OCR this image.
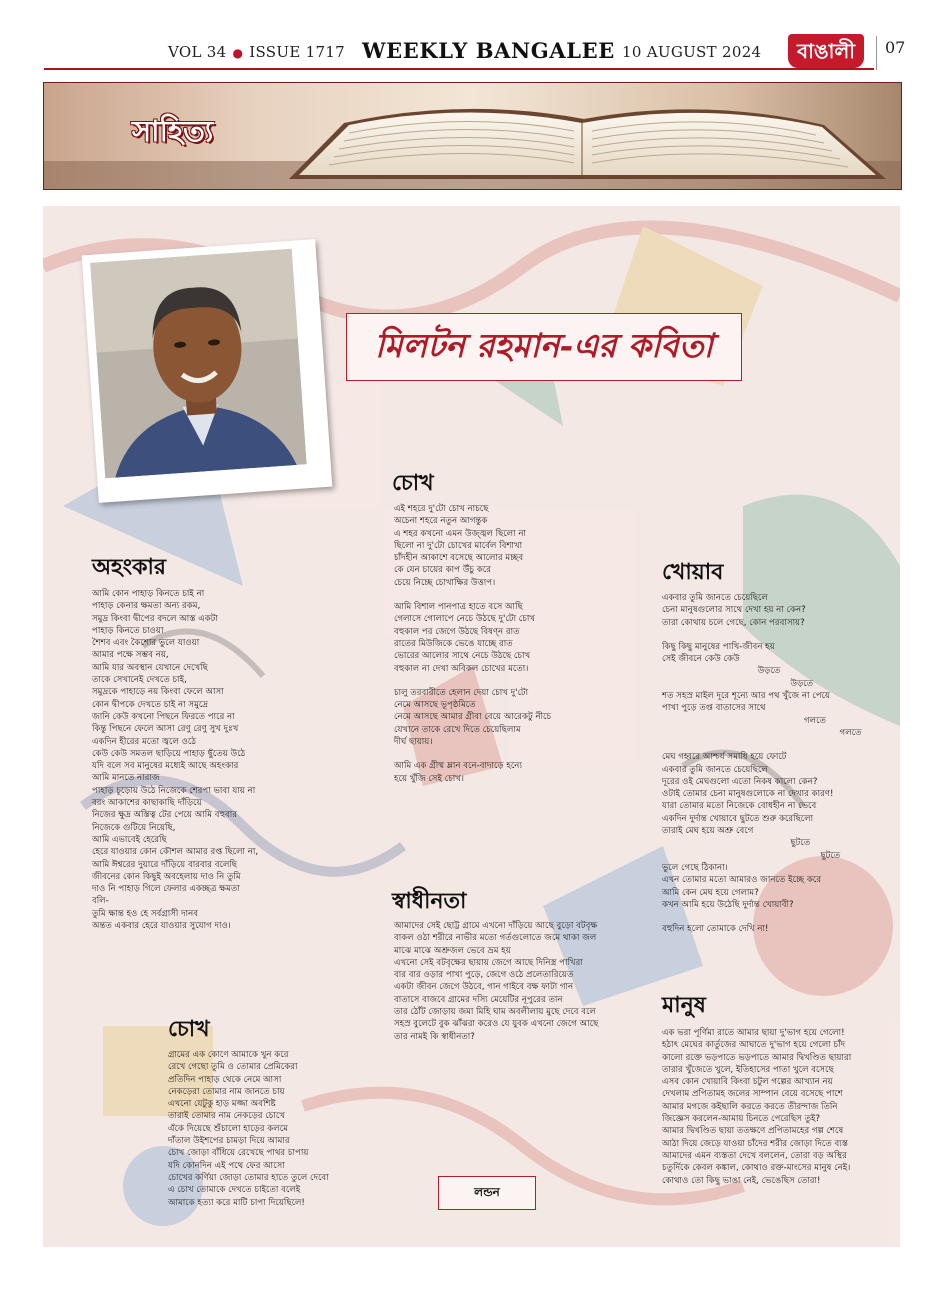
VOL 34 ● ISSUE 1717 WEEKLY BANGALEE 10 AUGUST 2024	বাঙালী	07
সাহিত্য
মিলটন রহমান-এর কবিতা
অহংকার
আমি কোন পাহাড় কিনতে চাই না
পাহাড় কেনার ক্ষমতা অন্য রকম,
সমুদ্র কিংবা দ্বীপের বদলে আস্ত একটা
পাহাড় কিনতে চাওয়া
শৈশব এবং কৈশোর ভুলে যাওয়া
আমার পক্ষে সম্ভব নয়,
আমি যার অবস্থান যেখানে দেখেছি
তাকে সেখানেই দেখতে চাই,
সমুদ্রকে পাহাড়ে নয় কিংবা ফেলে আসা
কোন দ্বীপকে দেখতে চাই না সমুদ্রে
জানি কেউ কখনো পিছনে ফিরতে পারে না
কিন্তু পিছনে ফেলে আসা রেণু রেণু সুখ দুঃখ
একদিন হীরের মতো জ্বলে ওঠে
কেউ কেউ সমতল ছাড়িয়ে পাহাড় ছুঁতেয় উঠে
যদি বলে সব মানুষের মধ্যেই আছে অহংকার
আমি মানতে নারাজ
পাহাড় চূড়োয় উঠে নিজেকে শেরপা ভাবা যায় না
বরং আকাশের কাছাকাছি দাঁড়িয়ে
নিজের ক্ষুদ্র অস্তিত্ব টের পেয়ে আমি বহুবার
নিজেকে গুটিয়ে নিয়েছি,
আমি এভাবেই হেরেছি
হেরে যাওয়ার কোন কৌশল আমার রপ্ত ছিলো না,
আমি ঈশ্বরের দুয়ারে দাঁড়িয়ে বারবার বলেছি
জীবনের কোন কিছুই অবহেলায় দাও নি তুমি
দাও নি পাহাড় গিলে ফেলার একচ্ছত্র ক্ষমতা
বলি-
তুমি ক্ষান্ত হও হে সর্বগ্রাসী দানব
অন্তত একবার হেরে যাওয়ার সুযোগ দাও।
চোখ
এই শহরে দু'টো চোখ নাচছে
অচেনা শহরে নতুন আগন্তুক
এ শহর কখনো এমন উজ্জ্বল ছিলো না
ছিলো না দু'টো চোখের মার্বেল বিশাখা
চাঁদহীন আকাশে বসেছে আলোর মচ্ছব
কে যেন চায়ের কাপ উঁচু করে
চেয়ে নিচ্ছে চোখাক্ষির উত্তাপ।
আমি বিশাল পানপাত্র হাতে বসে আছি
গেলাসে গোলাপে নেচে উঠছে দু'টো চোখ
বহুকাল পর জেগে উঠছে বিষণ্ন রাত
রাতের মিউজিকে ভেঙে যাচ্ছে রাত
ভোরের আলোর সাথে নেচে উঠছে চোখ
বহুকাল না দেখা অবিকল চোখের মতো।
চালু তরবারীতে হেলান দেয়া চোখ দু'টো
নেমে আসছে ভূপৃষ্ঠমিতে
নেমে আসছে আমার গ্রীবা বেয়ে আরেকটু নীচে
যেখানে তাকে রেখে দিতে চেয়েছিলাম
দীর্ঘ ছায়ায়।
আমি এক গ্রীষ্ম ম্লান বনে-বাদাড়ে হন্যে
হয়ে খুঁজি সেই চোখ।
খোয়াব
একবার তুমি জানতে চেয়েছিলে
চেনা মানুষগুলোর সাথে দেখা হয় না কেন?
তারা কোথায় চলে গেছে, কোন পরবাসায়?
কিছু কিছু মানুষের পাখি-জীবন হয়
সেই জীবনে কেউ কেউ
উড়তে
উড়তে
শত সহস্র মাইল দূরে শূন্যে আর পথ খুঁজে না পেয়ে
পাখা পুড়ে তপ্ত বাতাসের সাথে
গলতে
গলতে
মেঘ গহ্বরে আশ্চর্য সমাধি হয়ে ফোটে
একবার তুমি জানতে চেয়েছিলে
দূরের ওই মেঘগুলো এতো নিকষ কালো কেন?
ওটাই তোমার চেনা মানুষগুলোকে না দেখার কারণ!
যারা তোমার মতো নিজেকে বোধহীন না ভেবে
একদিন দুর্দান্ত খোয়াবে ছুটতে শুরু করেছিলো
তারাই মেঘ হয়ে অশ্রু বেগে
ছুটতে
ছুটতে
ভুলে গেছে ঠিকানা।
এখন তোমার মতো আমারও জানতে ইচ্ছে করে
আমি কেন মেঘ হয়ে গেলাম?
কখন আমি হয়ে উঠেছি দুর্দান্ত খোয়াবী?
বহুদিন হলো তোমাকে দেখি না!
স্বাধীনতা
আমাদের সেই ছোট্ট গ্রামে এখনো দাঁড়িয়ে আছে বুড়ো বটবৃক্ষ
বাকল ওঠা শরীরে নাভীর মতো গর্তগুলোতে জমে থাকা জল
মাঝে মাঝে অশ্রুজল ভেবে ভ্রম হয়
এখনো সেই বটবৃক্ষের ছায়ায় জেগে আছে দিনিস্ত্র পাখিরা
বার বার ওড়ার পাখা পুড়ে, জেগে ওঠে প্রলেতারিয়েত
একটা জীবন জেগে উঠবে, গান গাইবে বক্ষ ফাটা গান
বাতাসে বাজবে গ্রামের দস্যি মেয়েটির নূপুরের তান
তার ঠোঁট জোড়ায় জমা মিহি ঘাম অবলীলায় মুছে দেবে বলে
সহস্র বুলেটে বুক ঝাঁঝরা করেও যে যুবক এখনো জেগে আছে
তার নামই কি স্বাধীনতা?
চোখ
গ্রামের এক কোণে আমাকে খুন করে
রেখে গেছো তুমি ও তোমার প্রেমিকেরা
প্রতিদিন পাহাড় থেকে নেমে আসা
নেকড়েরা তোমার নাম জানতে চায়
এখনো যেটুকু হাড় মজ্জা অবশিষ্ট
তারাই তোমার নাম নেকড়ের চোখে
এঁকে দিয়েছে শুঁচালো হাড়ের কলমে
দাঁতাল উইশপের চামড়া দিয়ে আমার
চোখ জোড়া বাঁধিয়ে রেখেছে পাথর চাপায়
যদি কোনদিন এই পথে ফের আসো
চোখের কর্ণিয়া জোড়া তোমার হাতে তুলে দেবো
এ চোখ তোমাকে দেখতে চাইতো বলেই
আমাকে হত্যা করে মাটি চাপা দিয়েছিলে!
মানুষ
এক ভরা পূর্ণিমা রাতে আমার ছায়া দু'ভাগ হয়ে গেলো!
হঠাৎ মেঘের কার্তুজের আঘাতে দু'ভাগ হয়ে গেলো চাঁদ
কালো রক্তে ভড়পাতে ভড়পাতে আমার দ্বিখণ্ডিত ছায়ারা
তারার খুঁজেতে খুলে, ইতিহাসের পাতা খুলে বসেছে
এসব কোন খোয়াবি কিংবা চটুল গল্পের আখ্যান নয়
দেখলাম প্রপিতামহ জলের সাম্পান বেয়ে বসেছে পাশে
আমার মগজে কইছালি করতে করতে তীরন্দাজ তিনি
জিজ্ঞেস করলেন-আমায় চিনতে পেরেছিস তুই?
আমার দ্বিখণ্ডিত ছায়া ততক্ষণে প্রপিতামহের গল্প শেষে
আঠা দিয়ে জেড়ে যাওয়া চাঁদের শরীর জোড়া দিতে ব্যস্ত
আমাদের এমন ব্যস্ততা দেখে বললেন, তোরা বড় অস্থির
চতুর্দিকে কেবল কঙ্কাল, কোথাও রক্ত-মাংসের মানুষ নেই।
কোথাও তো কিছু ভাঙা নেই, ভেঙেছিস তোরা!
লন্ডন
